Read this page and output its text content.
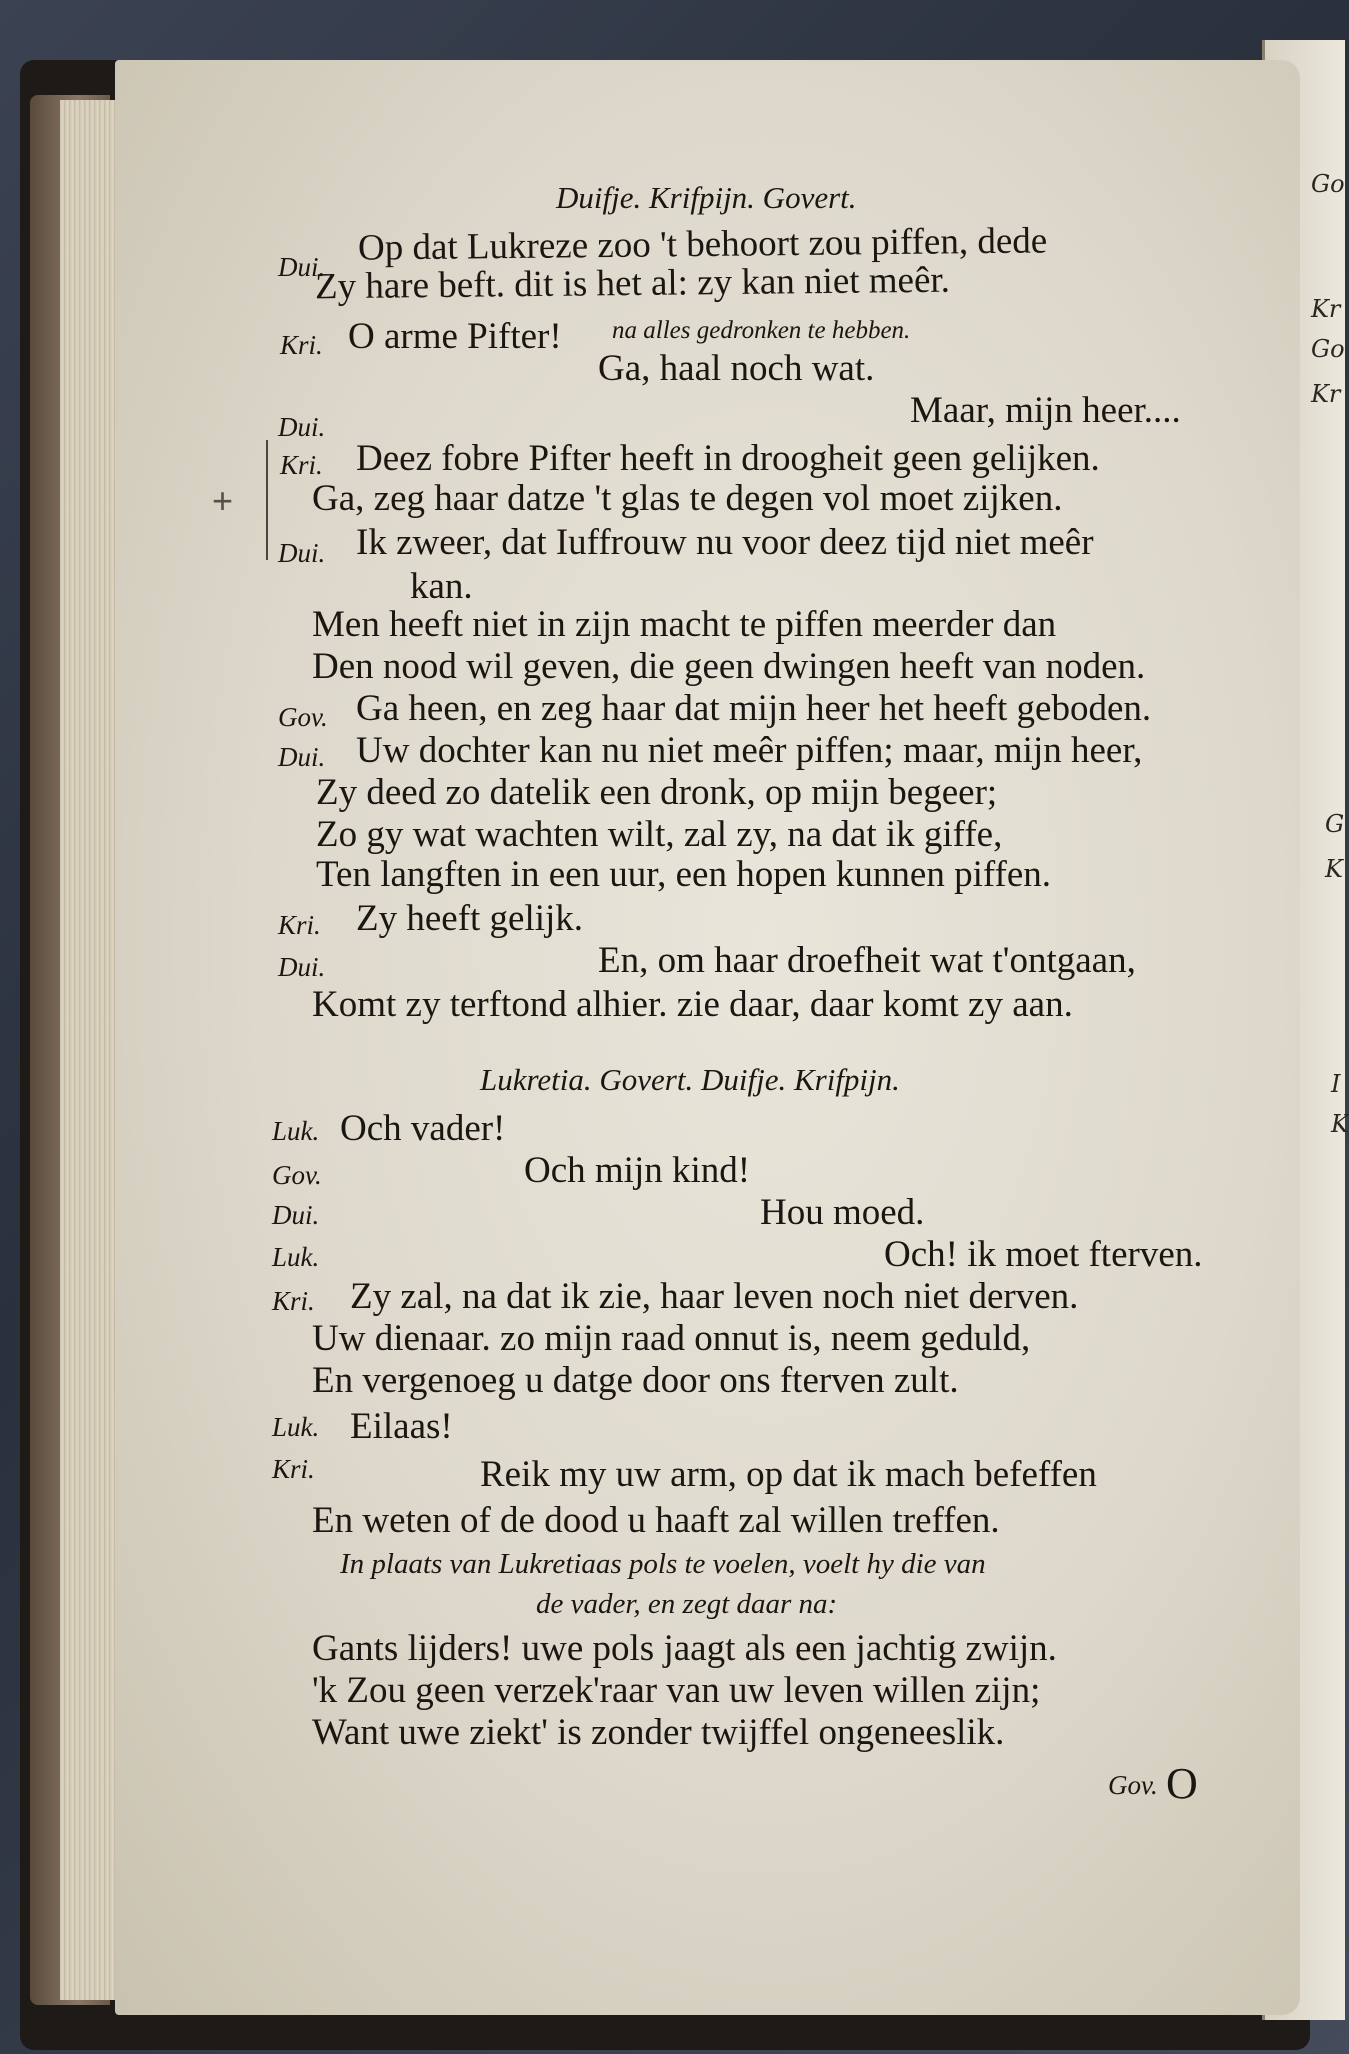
Go
Kr
Go
Kr
G
K
I
K
Duifje. Krifpijn. Govert.
Dui. Op dat Lukreze zoo 't behoort zou piffen, dede
Zy hare beft. dit is het al: zy kan niet meêr.
Kri. O arme Pifter! na alles gedronken te hebben.
Ga, haal noch wat.
Maar, mijn heer....
Dui.
Kri. Deez fobre Pifter heeft in droogheit geen gelijken.
+ Ga, zeg haar datze 't glas te degen vol moet zijken.
Dui. Ik zweer, dat Iuffrouw nu voor deez tijd niet meêr
kan.
Men heeft niet in zijn macht te piffen meerder dan
Den nood wil geven, die geen dwingen heeft van noden.
Gov. Ga heen, en zeg haar dat mijn heer het heeft geboden.
Dui. Uw dochter kan nu niet meêr piffen; maar, mijn heer,
Zy deed zo datelik een dronk, op mijn begeer;
Zo gy wat wachten wilt, zal zy, na dat ik giffe,
Ten langften in een uur, een hopen kunnen piffen.
Kri. Zy heeft gelijk.
Dui.	En, om haar droefheit wat t'ontgaan,
Komt zy terftond alhier. zie daar, daar komt zy aan.
Lukretia. Govert. Duifje. Krifpijn.
Luk. Och vader!
Gov.	Och mijn kind!
Dui.	Hou moed.
Luk.	Och! ik moet fterven.
Kri. Zy zal, na dat ik zie, haar leven noch niet derven.
Uw dienaar. zo mijn raad onnut is, neem geduld,
En vergenoeg u datge door ons fterven zult.
Luk. Eilaas!
Kri.	Reik my uw arm, op dat ik mach befeffen
En weten of de dood u haaft zal willen treffen.
In plaats van Lukretiaas pols te voelen, voelt hy die van
de vader, en zegt daar na:
Gants lijders! uwe pols jaagt als een jachtig zwijn.
'k Zou geen verzek'raar van uw leven willen zijn;
Want uwe ziekt' is zonder twijffel ongeneeslik.
Gov. O
